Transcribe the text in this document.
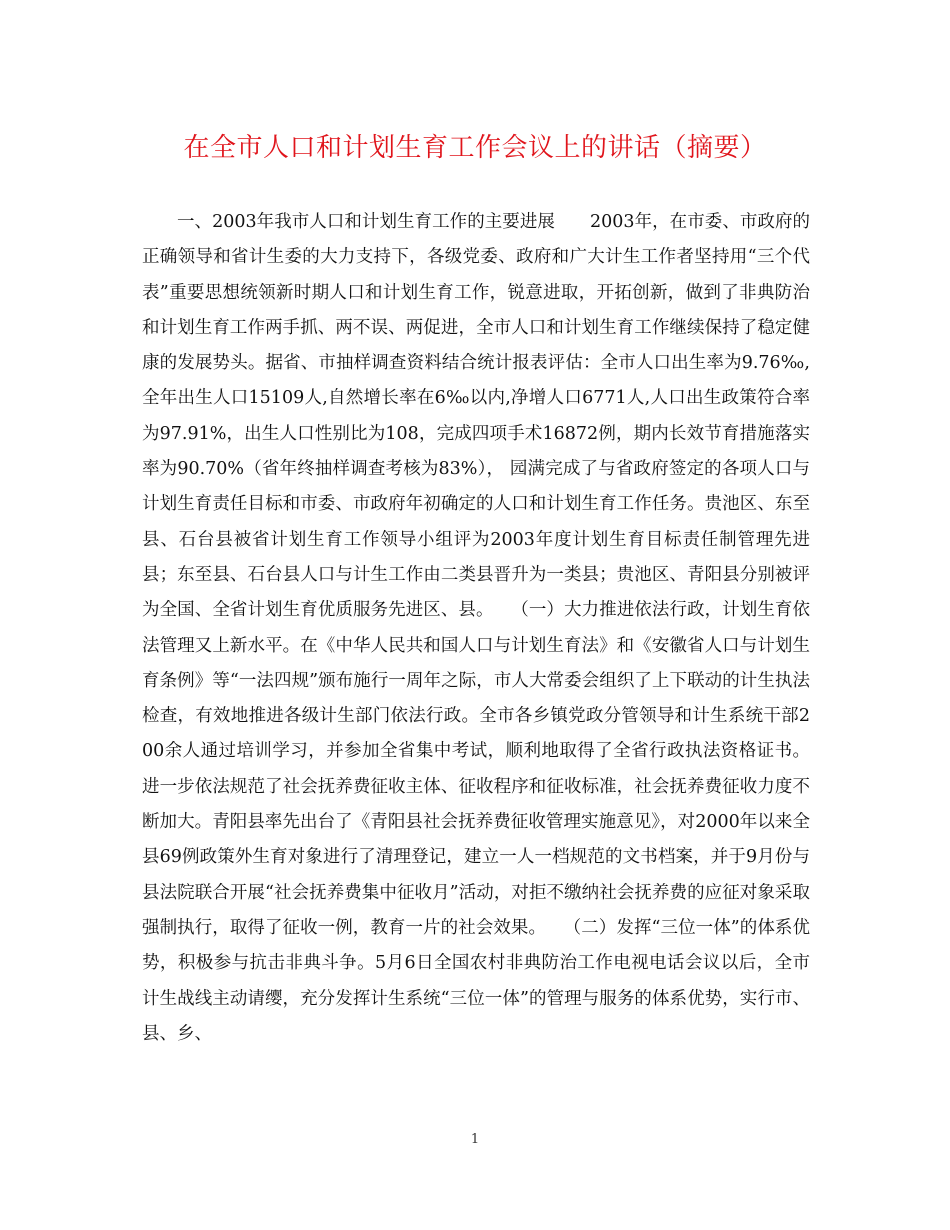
在全市人口和计划生育工作会议上的讲话（摘要）

一、2003年我市人口和计划生育工作的主要进展　　2003年，在市委、市政府的正确领导和省计生委的大力支持下，各级党委、政府和广大计生工作者坚持用“三个代表”重要思想统领新时期人口和计划生育工作，锐意进取，开拓创新，做到了非典防治和计划生育工作两手抓、两不误、两促进，全市人口和计划生育工作继续保持了稳定健康的发展势头。据省、市抽样调查资料结合统计报表评估：全市人口出生率为9.76‰,全年出生人口15109人,自然增长率在6‰以内,净增人口6771人,人口出生政策符合率为97.91%，出生人口性别比为108，完成四项手术16872例，期内长效节育措施落实率为90.70%（省年终抽样调查考核为83%）， 园满完成了与省政府签定的各项人口与计划生育责任目标和市委、市政府年初确定的人口和计划生育工作任务。贵池区、东至县、石台县被省计划生育工作领导小组评为2003年度计划生育目标责任制管理先进县；东至县、石台县人口与计生工作由二类县晋升为一类县；贵池区、青阳县分别被评为全国、全省计划生育优质服务先进区、县。　　（一）大力推进依法行政，计划生育依法管理又上新水平。在《中华人民共和国人口与计划生育法》和《安徽省人口与计划生育条例》等“一法四规”颁布施行一周年之际，市人大常委会组织了上下联动的计生执法检查，有效地推进各级计生部门依法行政。全市各乡镇党政分管领导和计生系统干部200余人通过培训学习，并参加全省集中考试，顺利地取得了全省行政执法资格证书。进一步依法规范了社会抚养费征收主体、征收程序和征收标准，社会抚养费征收力度不断加大。青阳县率先出台了《青阳县社会抚养费征收管理实施意见》，对2000年以来全县69例政策外生育对象进行了清理登记，建立一人一档规范的文书档案，并于9月份与县法院联合开展“社会抚养费集中征收月”活动，对拒不缴纳社会抚养费的应征对象采取强制执行，取得了征收一例，教育一片的社会效果。　　（二）发挥“三位一体”的体系优势，积极参与抗击非典斗争。5月6日全国农村非典防治工作电视电话会议以后，全市计生战线主动请缨，充分发挥计生系统“三位一体”的管理与服务的体系优势，实行市、县、乡、

1
